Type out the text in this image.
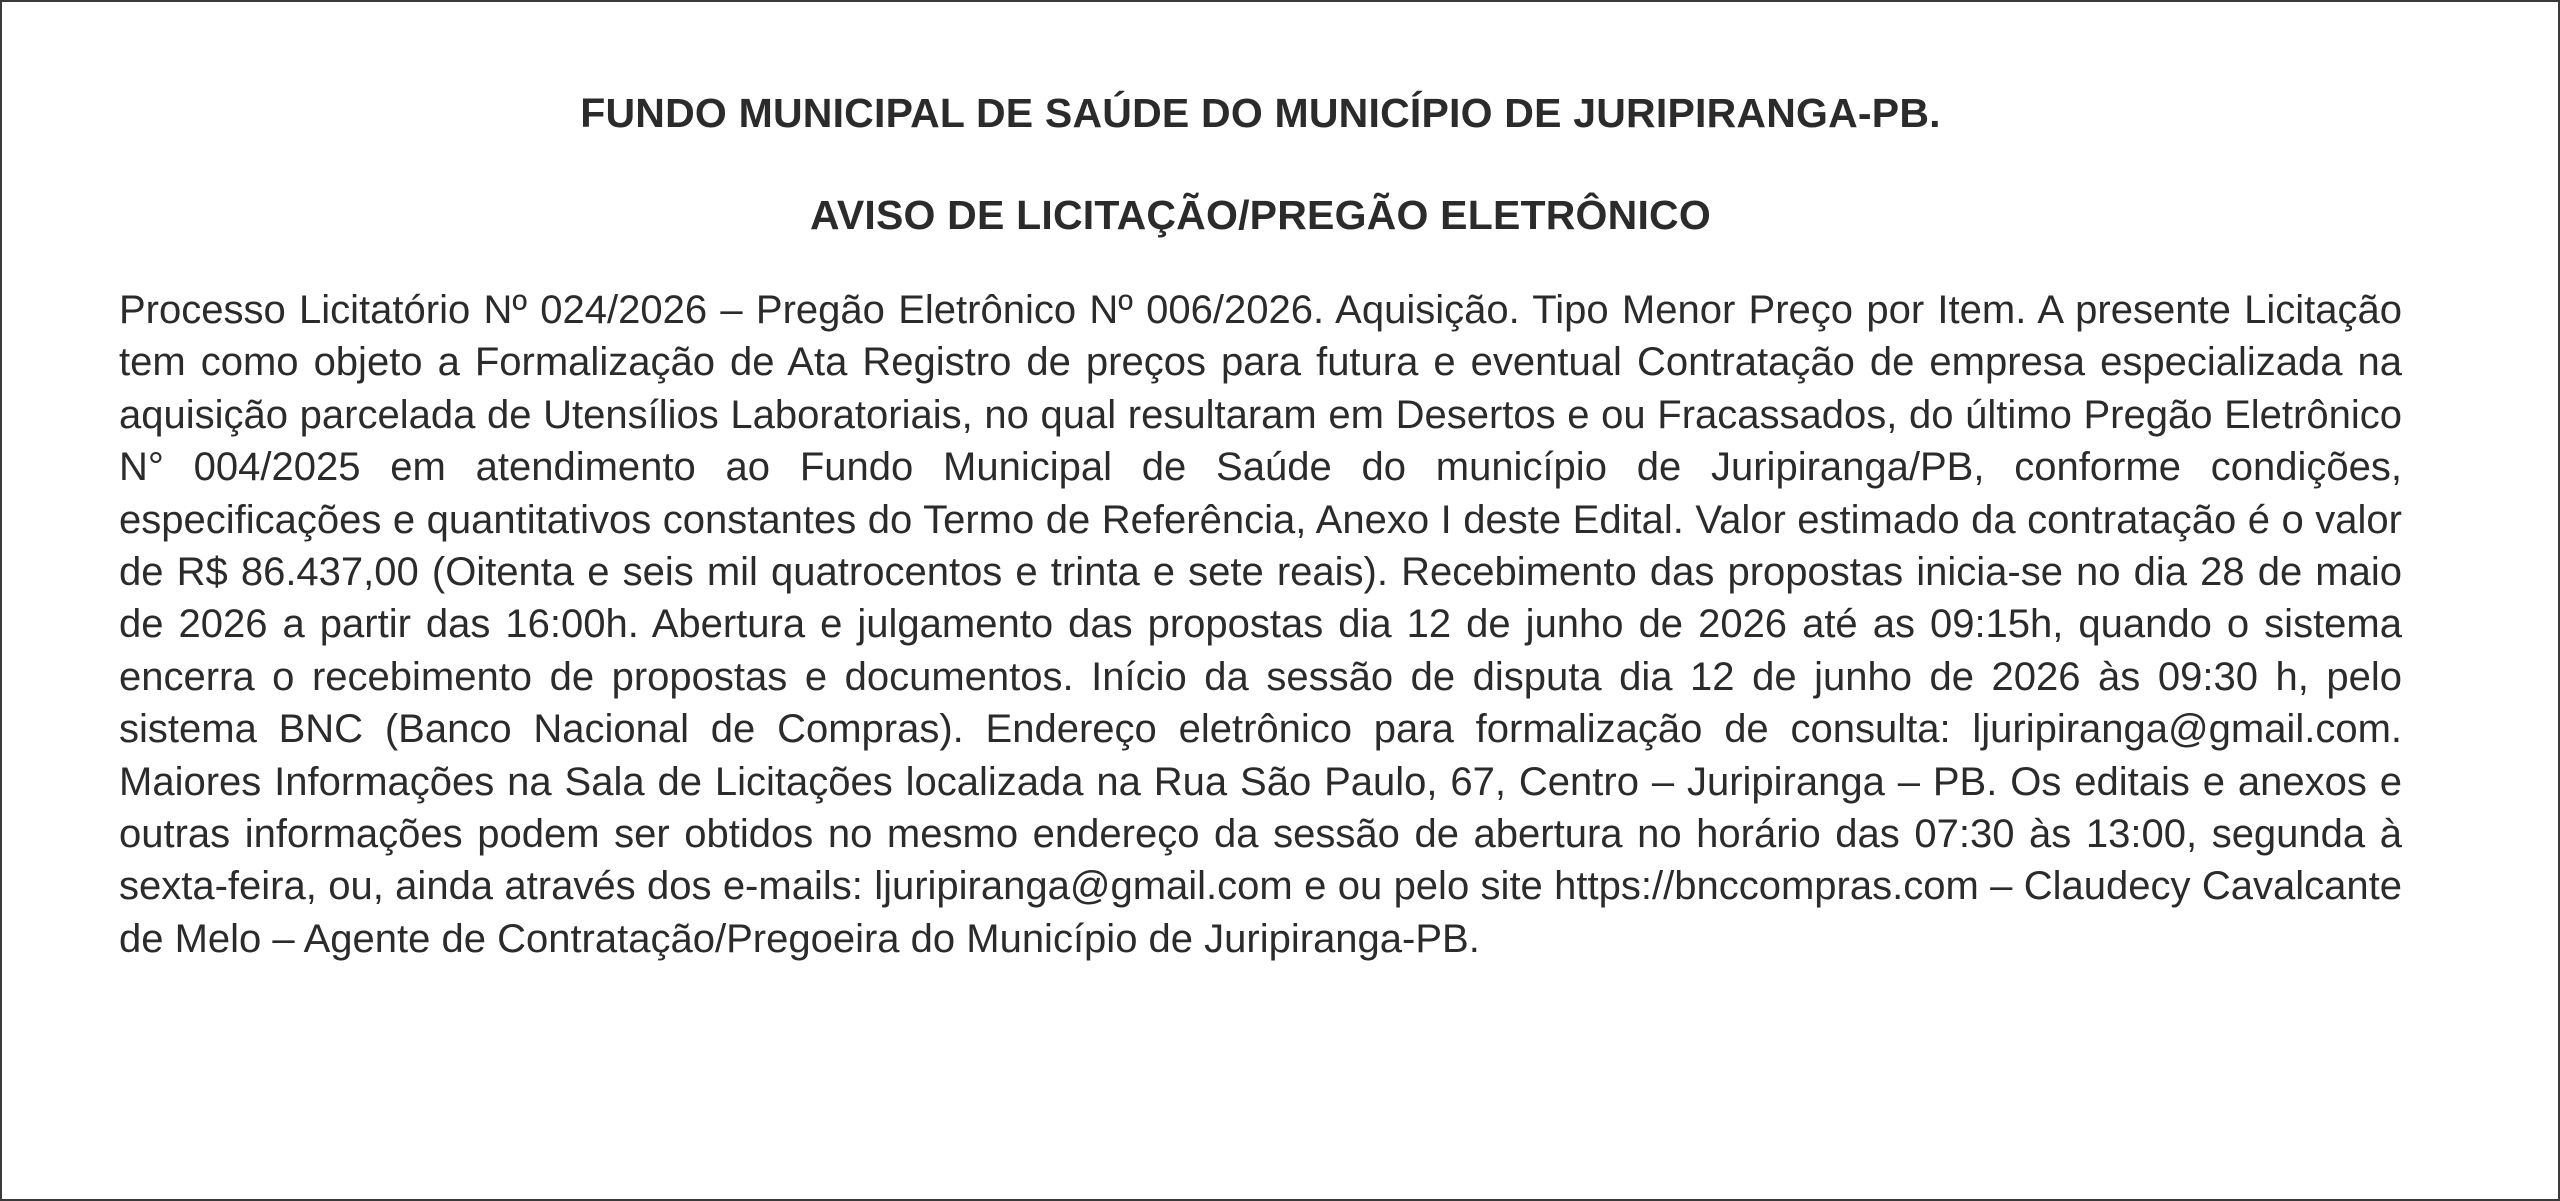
FUNDO MUNICIPAL DE SAÚDE DO MUNICÍPIO DE JURIPIRANGA-PB.
AVISO DE LICITAÇÃO/PREGÃO ELETRÔNICO

Processo Licitatório Nº 024/2026 – Pregão Eletrônico Nº 006/2026. Aquisição. Tipo Menor Preço por Item. A presente Licitação tem como objeto a Formalização de Ata Registro de preços para futura e eventual Contratação de empresa especializada na aquisição parcelada de Utensílios Laboratoriais, no qual resultaram em Desertos e ou Fracassados, do último Pregão Eletrônico N° 004/2025 em atendimento ao Fundo Municipal de Saúde do município de Juripiranga/PB, conforme condições, especificações e quantitativos constantes do Termo de Referência, Anexo I deste Edital. Valor estimado da contratação é o valor de R$ 86.437,00 (Oitenta e seis mil quatrocentos e trinta e sete reais). Recebimento das propostas inicia-se no dia 28 de maio de 2026 a partir das 16:00h. Abertura e julgamento das propostas dia 12 de junho de 2026 até as 09:15h, quando o sistema encerra o recebimento de propostas e documentos. Início da sessão de disputa dia 12 de junho de 2026 às 09:30 h, pelo sistema BNC (Banco Nacional de Compras). Endereço eletrônico para formalização de consulta: ljuripiranga@gmail.com. Maiores Informações na Sala de Licitações localizada na Rua São Paulo, 67, Centro – Juripiranga – PB. Os editais e anexos e outras informações podem ser obtidos no mesmo endereço da sessão de abertura no horário das 07:30 às 13:00, segunda à sexta-feira, ou, ainda através dos e-mails: ljuripiranga@gmail.com e ou pelo site https://bnccompras.com – Claudecy Cavalcante de Melo – Agente de Contratação/Pregoeira do Município de Juripiranga-PB.
